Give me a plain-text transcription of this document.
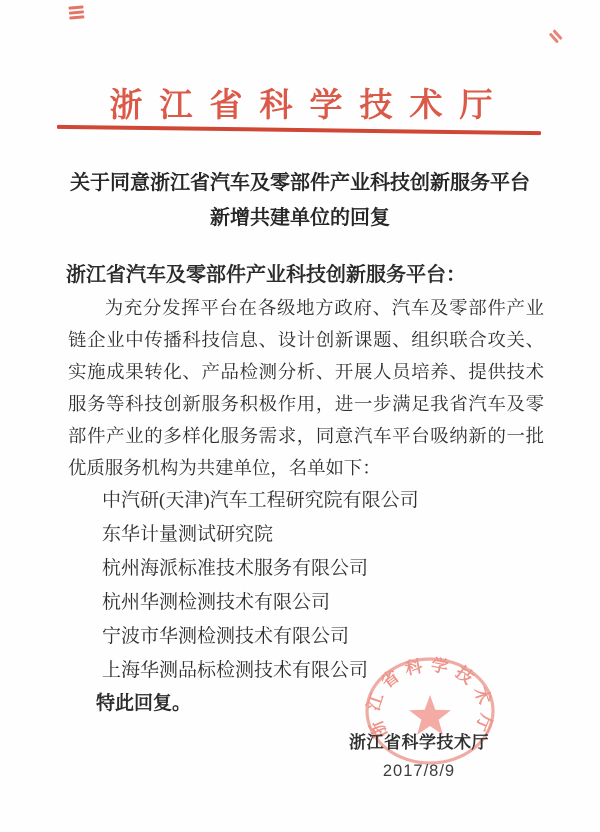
浙江省科学技术厅
关于同意浙江省汽车及零部件产业科技创新服务平台
新增共建单位的回复

浙江省汽车及零部件产业科技创新服务平台：

为充分发挥平台在各级地方政府、汽车及零部件产业链企业中传播科技信息、设计创新课题、组织联合攻关、实施成果转化、产品检测分析、开展人员培养、提供技术服务等科技创新服务积极作用，进一步满足我省汽车及零部件产业的多样化服务需求，同意汽车平台吸纳新的一批优质服务机构为共建单位，名单如下：

中汽研(天津)汽车工程研究院有限公司
东华计量测试研究院
杭州海派标准技术服务有限公司
杭州华测检测技术有限公司
宁波市华测检测技术有限公司
上海华测品标检测技术有限公司

特此回复。

浙江省科学技术厅
浙江省科学技术厅
2017/8/9
